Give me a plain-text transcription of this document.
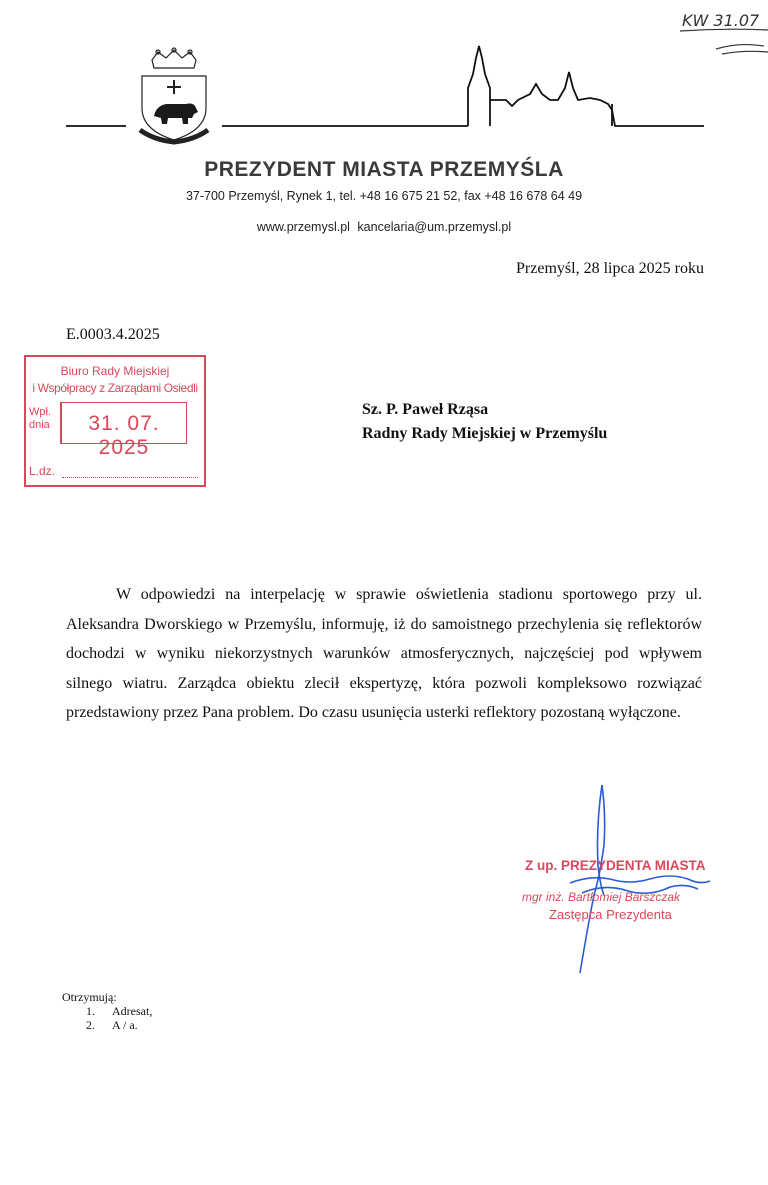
KW 31.07
PREZYDENT MIASTA PRZEMYŚLA
37-700 Przemyśl, Rynek 1, tel. +48 16 675 21 52, fax +48 16 678 64 49
www.przemysl.pl kancelaria@um.przemysl.pl
Przemyśl, 28 lipca 2025 roku
E.0003.4.2025
Biuro Rady Miejskiej
i Współpracy z Zarządami Osiedli
Wpł.
dnia	31. 07. 2025
L.dz.
Sz. P. Paweł Rząsa
Radny Rady Miejskiej w Przemyślu
W odpowiedzi na interpelację w sprawie oświetlenia stadionu sportowego przy ul. Aleksandra Dworskiego w Przemyślu, informuję, iż do samoistnego przechylenia się reflektorów dochodzi w wyniku niekorzystnych warunków atmosferycznych, najczęściej pod wpływem silnego wiatru. Zarządca obiektu zlecił ekspertyzę, która pozwoli kompleksowo rozwiązać przedstawiony przez Pana problem. Do czasu usunięcia usterki reflektory pozostaną wyłączone.
Z up. PREZYDENTA MIASTA
mgr inż. Bartłomiej Barszczak
Zastępca Prezydenta
Otrzymują:
1. Adresat,
2. A / a.
